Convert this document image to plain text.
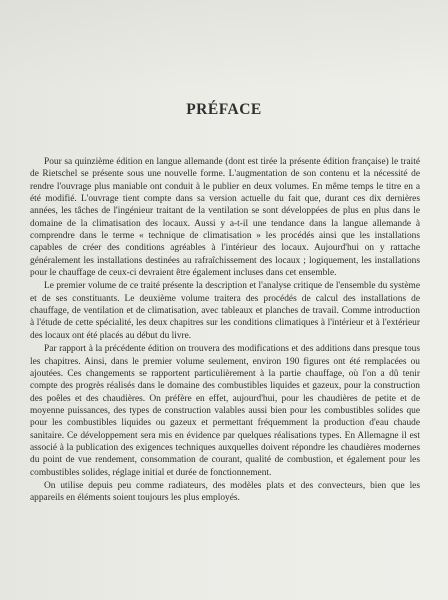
PRÉFACE

Pour sa quinzième édition en langue allemande (dont est tirée la présente édition française) le traité de Rietschel se présente sous une nouvelle forme. L'augmentation de son contenu et la nécessité de rendre l'ouvrage plus maniable ont conduit à le publier en deux volumes. En même temps le titre en a été modifié. L'ouvrage tient compte dans sa version actuelle du fait que, durant ces dix dernières années, les tâches de l'ingénieur traitant de la ventilation se sont développées de plus en plus dans le domaine de la climatisation des locaux. Aussi y a-t-il une tendance dans la langue allemande à comprendre dans le terme « technique de climatisation » les procédés ainsi que les installations capables de créer des conditions agréables à l'intérieur des locaux. Aujourd'hui on y rattache généralement les installations destinées au rafraîchissement des locaux ; logiquement, les installations pour le chauffage de ceux-ci devraient être également incluses dans cet ensemble.

Le premier volume de ce traité présente la description et l'analyse critique de l'ensemble du système et de ses constituants. Le deuxième volume traitera des procédés de calcul des installations de chauffage, de ventilation et de climatisation, avec tableaux et planches de travail. Comme introduction à l'étude de cette spécialité, les deux chapitres sur les conditions climatiques à l'intérieur et à l'extérieur des locaux ont été placés au début du livre.

Par rapport à la précédente édition on trouvera des modifications et des additions dans presque tous les chapitres. Ainsi, dans le premier volume seulement, environ 190 figures ont été remplacées ou ajoutées. Ces changements se rapportent particulièrement à la partie chauffage, où l'on a dû tenir compte des progrès réalisés dans le domaine des combustibles liquides et gazeux, pour la construction des poêles et des chaudières. On préfère en effet, aujourd'hui, pour les chaudières de petite et de moyenne puissances, des types de construction valables aussi bien pour les combustibles solides que pour les combustibles liquides ou gazeux et permettant fréquemment la production d'eau chaude sanitaire. Ce développement sera mis en évidence par quelques réalisations types. En Allemagne il est associé à la publication des exigences techniques auxquelles doivent répondre les chaudières modernes du point de vue rendement, consommation de courant, qualité de combustion, et également pour les combustibles solides, réglage initial et durée de fonctionnement.

On utilise depuis peu comme radiateurs, des modèles plats et des convecteurs, bien que les appareils en éléments soient toujours les plus employés.
